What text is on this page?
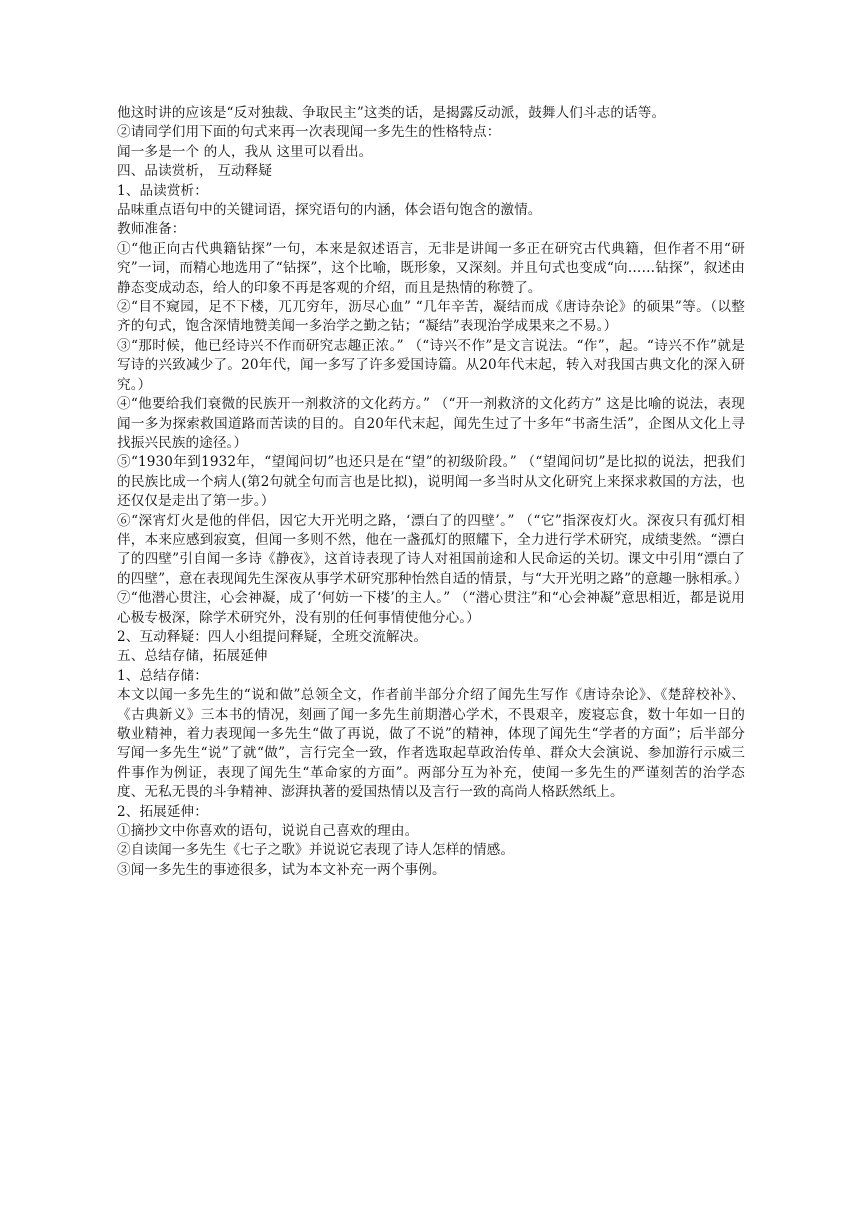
他这时讲的应该是“反对独裁、争取民主”这类的话，是揭露反动派，鼓舞人们斗志的话等。

②请同学们用下面的句式来再一次表现闻一多先生的性格特点：

闻一多是一个 的人，我从 这里可以看出。

四、品读赏析， 互动释疑

1、品读赏析：

品味重点语句中的关键词语，探究语句的内涵，体会语句饱含的激情。

教师准备：

①“他正向古代典籍钻探”一句，本来是叙述语言，无非是讲闻一多正在研究古代典籍，但作者不用“研究”一词，而精心地选用了“钻探”，这个比喻，既形象，又深刻。并且句式也变成“向……钻探”，叙述由静态变成动态，给人的印象不再是客观的介绍，而且是热情的称赞了。

②“目不窥园，足不下楼，兀兀穷年，沥尽心血” “几年辛苦，凝结而成《唐诗杂论》的硕果”等。（以整齐的句式，饱含深情地赞美闻一多治学之勤之钻；“凝结”表现治学成果来之不易。）

③“那时候，他已经诗兴不作而研究志趣正浓。” （“诗兴不作”是文言说法。“作”，起。“诗兴不作”就是写诗的兴致减少了。20年代，闻一多写了许多爱国诗篇。从20年代末起，转入对我国古典文化的深入研究。）

④“他要给我们衰微的民族开一剂救济的文化药方。” （“开一剂救济的文化药方” 这是比喻的说法，表现闻一多为探索救国道路而苦读的目的。自20年代末起，闻先生过了十多年“书斋生活”，企图从文化上寻找振兴民族的途径。）

⑤“1930年到1932年，“望闻问切”也还只是在“望”的初级阶段。” （“望闻问切”是比拟的说法，把我们的民族比成一个病人(第2句就全句而言也是比拟)，说明闻一多当时从文化研究上来探求救国的方法，也还仅仅是走出了第一步。）

⑥“深宵灯火是他的伴侣，因它大开光明之路，‘漂白了的四壁’。” （“它”指深夜灯火。深夜只有孤灯相伴，本来应感到寂寞，但闻一多则不然，他在一盏孤灯的照耀下，全力进行学术研究，成绩斐然。“漂白了的四壁”引自闻一多诗《静夜》，这首诗表现了诗人对祖国前途和人民命运的关切。课文中引用“漂白了的四壁”，意在表现闻先生深夜从事学术研究那种怡然自适的情景，与“大开光明之路”的意趣一脉相承。）

⑦“他潜心贯注，心会神凝，成了‘何妨一下楼’的主人。” （“潜心贯注”和“心会神凝”意思相近，都是说用心极专极深，除学术研究外，没有别的任何事情使他分心。）

2、互动释疑：四人小组提问释疑，全班交流解决。

五、总结存储，拓展延伸

1、总结存储：

本文以闻一多先生的“说和做”总领全文，作者前半部分介绍了闻先生写作《唐诗杂论》、《楚辞校补》、《古典新义》三本书的情况，刻画了闻一多先生前期潜心学术，不畏艰辛，废寝忘食，数十年如一日的敬业精神，着力表现闻一多先生“做了再说，做了不说”的精神，体现了闻先生“学者的方面”；后半部分写闻一多先生“说”了就“做”，言行完全一致，作者选取起草政治传单、群众大会演说、参加游行示威三件事作为例证，表现了闻先生“革命家的方面”。两部分互为补充，使闻一多先生的严谨刻苦的治学态度、无私无畏的斗争精神、澎湃执著的爱国热情以及言行一致的高尚人格跃然纸上。

2、拓展延伸：

①摘抄文中你喜欢的语句，说说自己喜欢的理由。

②自读闻一多先生《七子之歌》并说说它表现了诗人怎样的情感。

③闻一多先生的事迹很多，试为本文补充一两个事例。
